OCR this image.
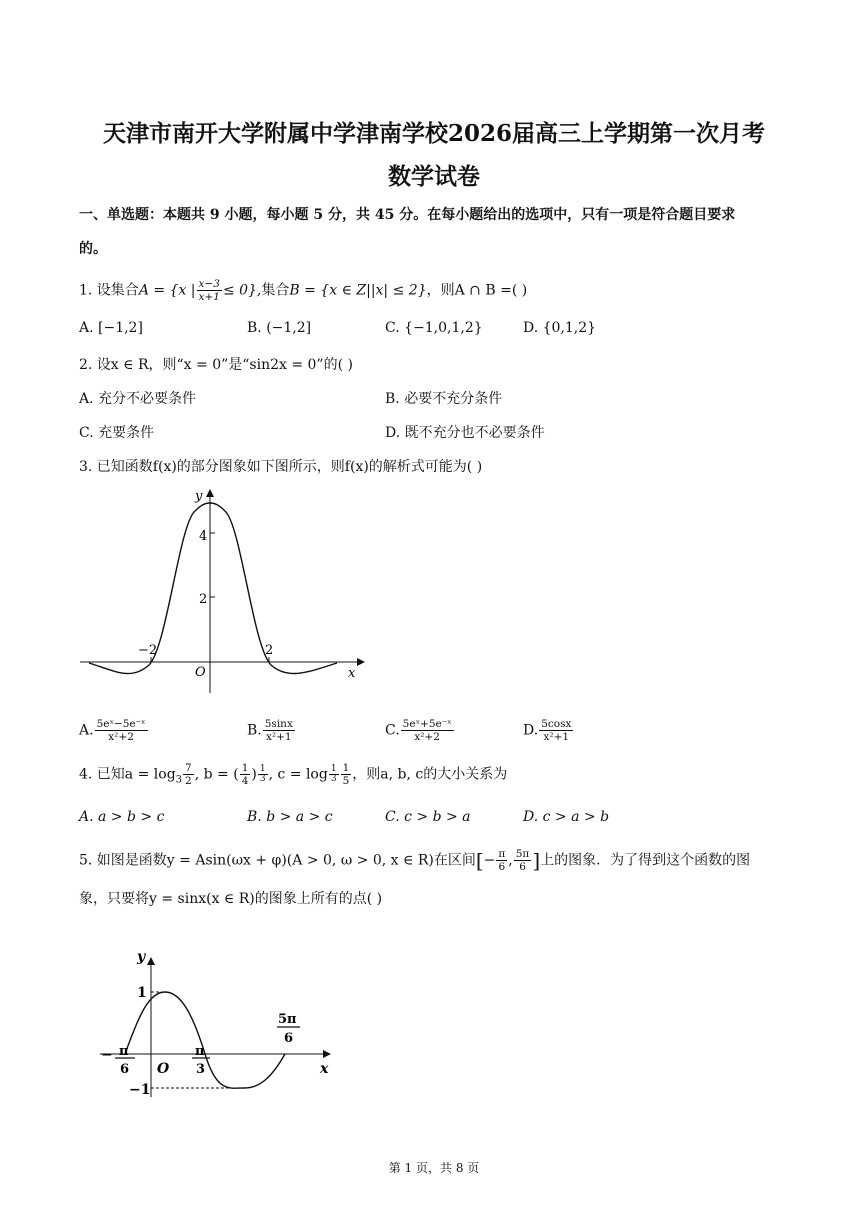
天津市南开大学附属中学津南学校2026届高三上学期第一次月考
数学试卷
一、单选题：本题共 9 小题，每小题 5 分，共 45 分。在每小题给出的选项中，只有一项是符合题目要求
的。
1. 设集合A = {x | $\frac{x-3}{x+1} \le 0$},集合B = {x ∈ Z||x| ≤ 2}，则A ∩ B =( )
A. [−1,2]	B. (−1,2]	C. {−1,0,1,2}	D. {0,1,2}
2. 设x ∈ R，则“x = 0”是“sin2x = 0”的( )
A. 充分不必要条件	B. 必要不充分条件
C. 充要条件	D. 既不充分也不必要条件
3. 已知函数f(x)的部分图象如下图所示，则f(x)的解析式可能为( )
y
x
O
4
2
−2	2
A. $\frac{\text{5eˣ−5e⁻ˣ}}{\text{x²+2}}$	B. $\frac{5\sin x}{\text{x²+1}}$	C. $\frac{\text{5eˣ+5e⁻ˣ}}{\text{x²+2}}$	D. $\frac{5\cos x}{\text{x²+1}}$
4. 已知$a = \log_3 \frac{7}{2}$ , b = ( $\frac{1}{4}$ ) $\frac{1}{3}$ , $c = \log \frac{1}{3} \frac{1}{5}$ ，则a, b, c的大小关系为
A. a > b > c	B. b > a > c	C. c > b > a	D. c > a > b
5. 如图是函数y = Asin(ωx + φ)(A > 0, ω > 0, x ∈ R)在区间[− $\frac{\pi}{6}$ , $\frac{5\pi}{6}$ ]上的图象．为了得到这个函数的图
象，只要将y = sinx(x ∈ R)的图象上所有的点( )
y
x
O
1
−1
− π
6
π
3
5π
6
第 1 页，共 8 页
